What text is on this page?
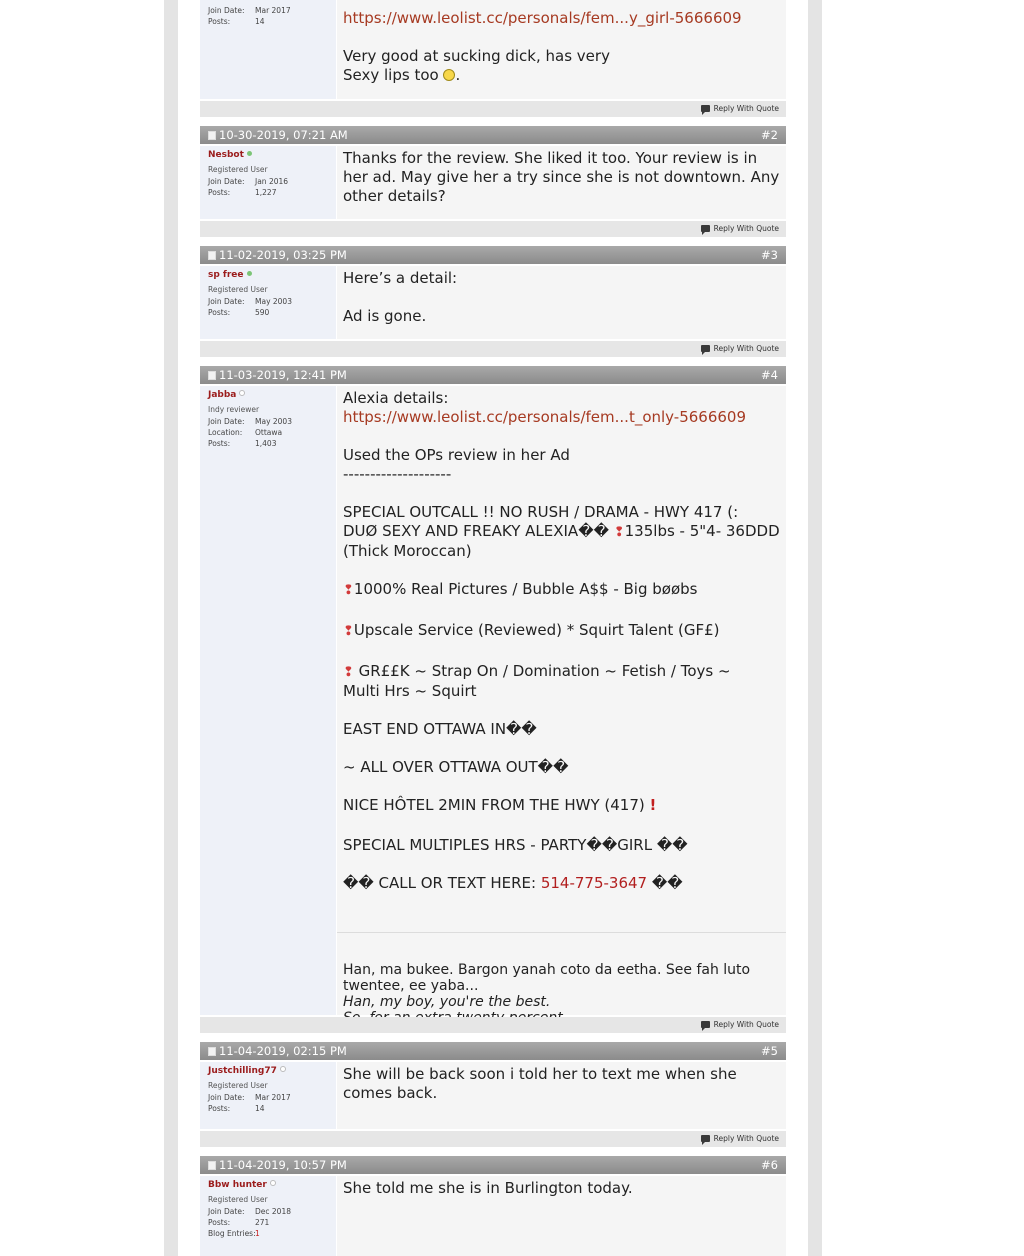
Join Date: Mar 2017
Posts:	14	https://www.leolist.cc/personals/fem...y_girl-5666609

Very good at sucking dick, has very

Sexy lips too .

Reply With Quote
10-30-2019, 07:21 AM	#2
Nesbot
Registered User
Join Date: Jan 2016
Posts:	1,227

Thanks for the review. She liked it too. Your review is in

her ad. May give her a try since she is not downtown. Any

other details?

Reply With Quote
11-02-2019, 03:25 PM	#3
sp free
Registered User
Join Date: May 2003
Posts:	590

Here’s a detail:

Ad is gone.

Reply With Quote
11-03-2019, 12:41 PM	#4
Jabba
Indy reviewer
Join Date: May 2003
Location: Ottawa
Posts:	1,403

Alexia details:

https://www.leolist.cc/personals/fem...t_only-5666609

Used the OPs review in her Ad

--------------------

SPECIAL OUTCALL !! NO RUSH / DRAMA - HWY 417 (:

DUØ SEXY AND FREAKY ALEXIA�� ❢135lbs - 5"4- 36DDD

(Thick Moroccan)

❢1000% Real Pictures / Bubble A$$ - Big bøøbs

❢Upscale Service (Reviewed) * Squirt Talent (GF£)

❢ GR££K ~ Strap On / Domination ~ Fetish / Toys ~

Multi Hrs ~ Squirt

EAST END OTTAWA IN��

~ ALL OVER OTTAWA OUT��

NICE HÔTEL 2MIN FROM THE HWY (417) !

SPECIAL MULTIPLES HRS - PARTY��GIRL ��

�� CALL OR TEXT HERE: 514-775-3647 ��

Han, ma bukee. Bargon yanah coto da eetha. See fah luto

twentee, ee yaba...

Han, my boy, you're the best.

Reply With Quote
11-04-2019, 02:15 PM	#5
Justchilling77
Registered User
Join Date: Mar 2017
Posts:	14

She will be back soon i told her to text me when she

comes back.

Reply With Quote
11-04-2019, 10:57 PM	#6
Bbw hunter
Registered User
Join Date: Dec 2018
Posts:	271
Blog Entries:1

She told me she is in Burlington today.
